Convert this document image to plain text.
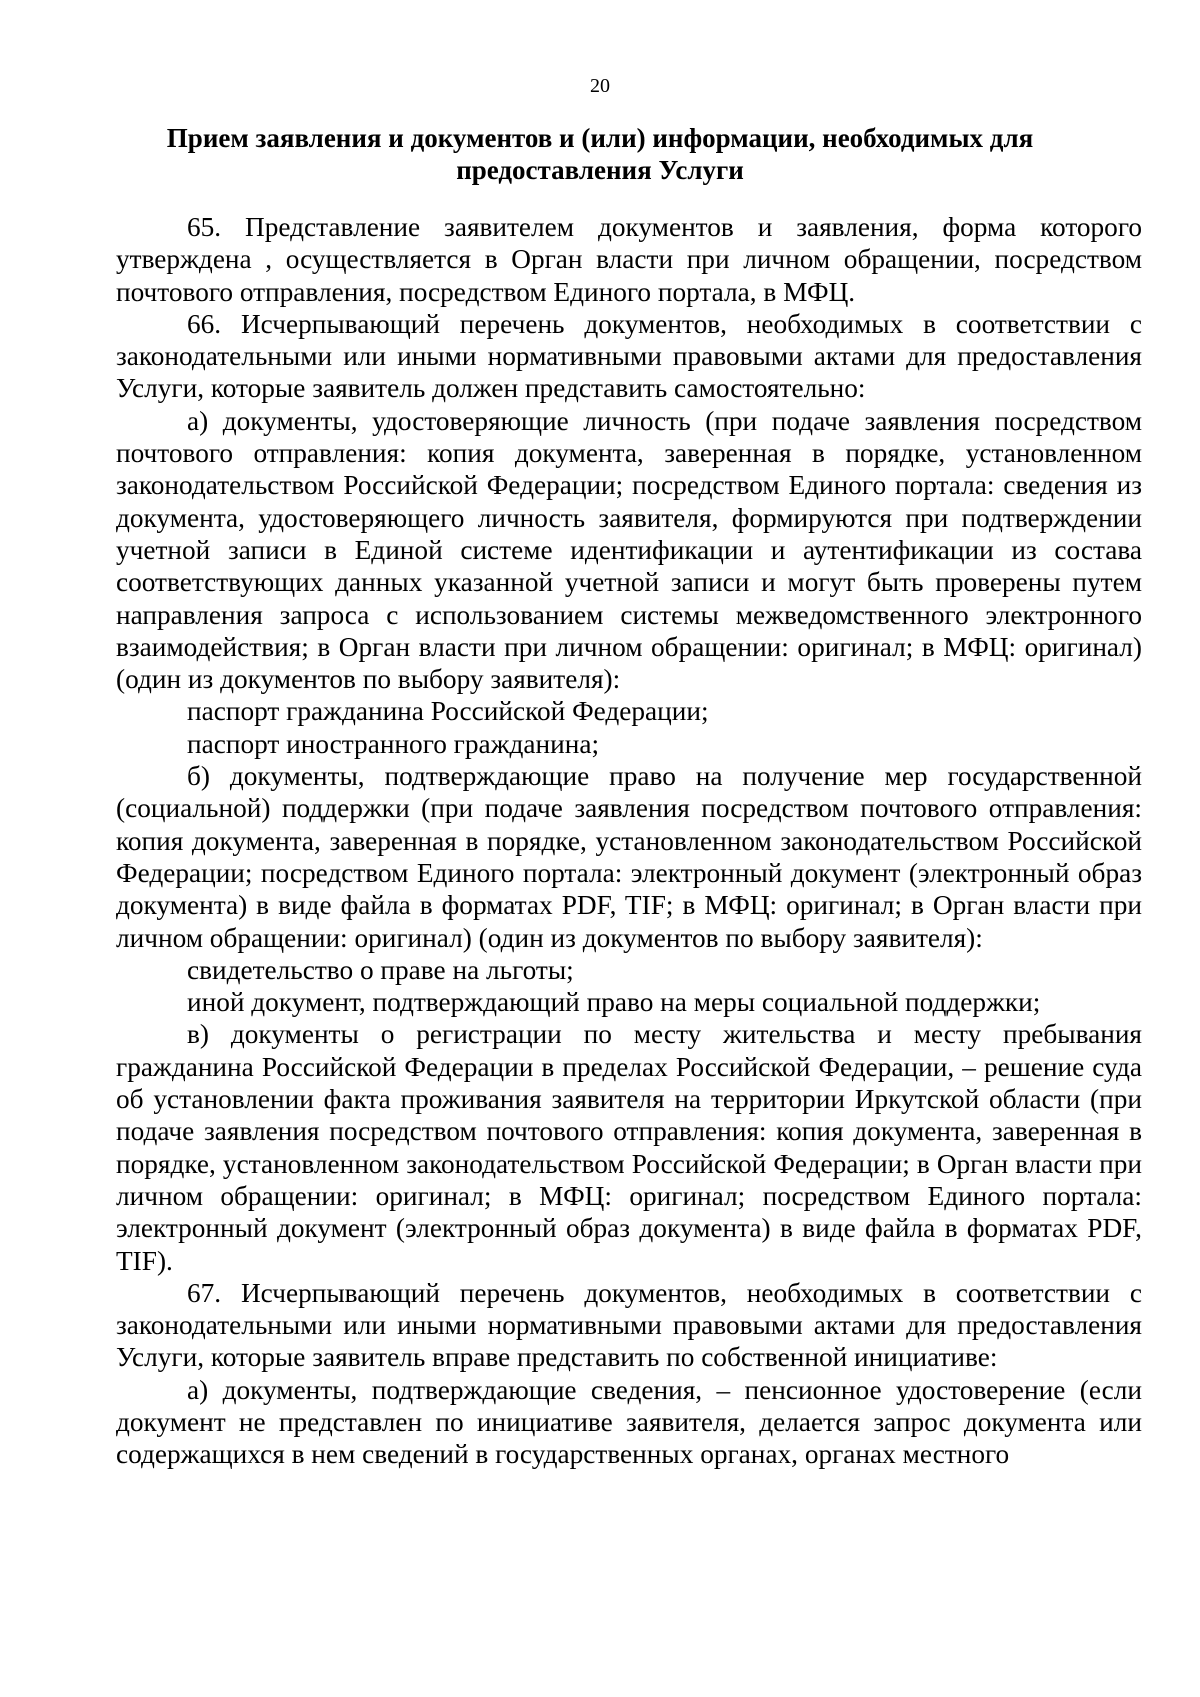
20
Прием заявления и документов и (или) информации, необходимых для предоставления Услуги

65. Представление заявителем документов и заявления, форма которого утверждена , осуществляется в Орган власти при личном обращении, посредством почтового отправления, посредством Единого портала, в МФЦ.

66. Исчерпывающий перечень документов, необходимых в соответствии с законодательными или иными нормативными правовыми актами для предоставления Услуги, которые заявитель должен представить самостоятельно:

а) документы, удостоверяющие личность (при подаче заявления посредством почтового отправления: копия документа, заверенная в порядке, установленном законодательством Российской Федерации; посредством Единого портала: сведения из документа, удостоверяющего личность заявителя, формируются при подтверждении учетной записи в Единой системе идентификации и аутентификации из состава соответствующих данных указанной учетной записи и могут быть проверены путем направления запроса с использованием системы межведомственного электронного взаимодействия; в Орган власти при личном обращении: оригинал; в МФЦ: оригинал) (один из документов по выбору заявителя):

паспорт гражданина Российской Федерации;

паспорт иностранного гражданина;

б) документы, подтверждающие право на получение мер государственной (социальной) поддержки (при подаче заявления посредством почтового отправления: копия документа, заверенная в порядке, установленном законодательством Российской Федерации; посредством Единого портала: электронный документ (электронный образ документа) в виде файла в форматах PDF, TIF; в МФЦ: оригинал; в Орган власти при личном обращении: оригинал) (один из документов по выбору заявителя):

свидетельство о праве на льготы;

иной документ, подтверждающий право на меры социальной поддержки;

в) документы о регистрации по месту жительства и месту пребывания гражданина Российской Федерации в пределах Российской Федерации, – решение суда об установлении факта проживания заявителя на территории Иркутской области (при подаче заявления посредством почтового отправления: копия документа, заверенная в порядке, установленном законодательством Российской Федерации; в Орган власти при личном обращении: оригинал; в МФЦ: оригинал; посредством Единого портала: электронный документ (электронный образ документа) в виде файла в форматах PDF, TIF).

67. Исчерпывающий перечень документов, необходимых в соответствии с законодательными или иными нормативными правовыми актами для предоставления Услуги, которые заявитель вправе представить по собственной инициативе:

а) документы, подтверждающие сведения, – пенсионное удостоверение (если документ не представлен по инициативе заявителя, делается запрос документа или содержащихся в нем сведений в государственных органах, органах местного
